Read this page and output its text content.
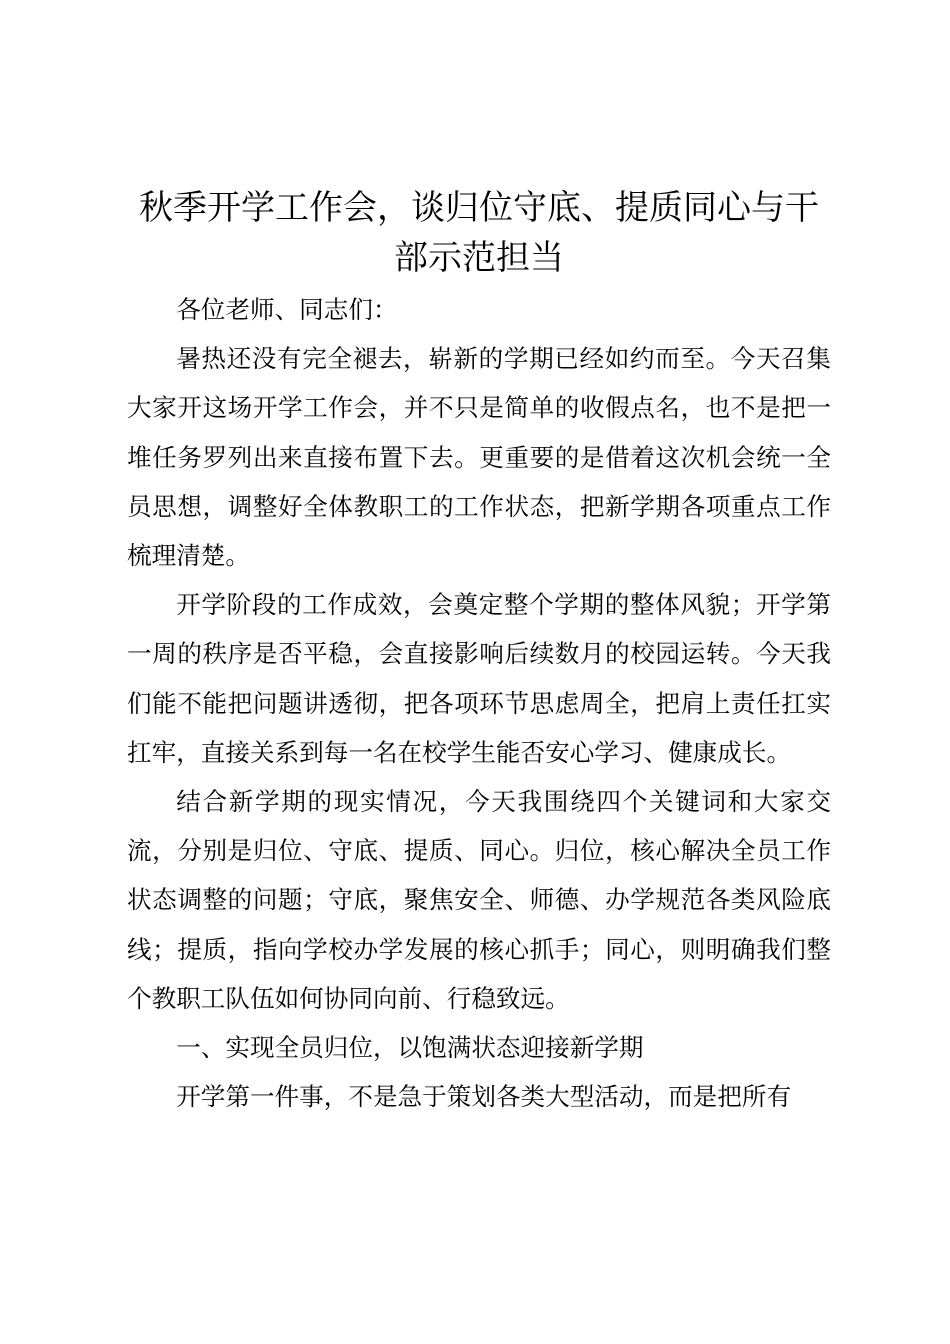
秋季开学工作会，谈归位守底、提质同心与干部示范担当

各位老师、同志们：

暑热还没有完全褪去，崭新的学期已经如约而至。今天召集大家开这场开学工作会，并不只是简单的收假点名，也不是把一堆任务罗列出来直接布置下去。更重要的是借着这次机会统一全员思想，调整好全体教职工的工作状态，把新学期各项重点工作梳理清楚。

开学阶段的工作成效，会奠定整个学期的整体风貌；开学第一周的秩序是否平稳，会直接影响后续数月的校园运转。今天我们能不能把问题讲透彻，把各项环节思虑周全，把肩上责任扛实扛牢，直接关系到每一名在校学生能否安心学习、健康成长。

结合新学期的现实情况，今天我围绕四个关键词和大家交流，分别是归位、守底、提质、同心。归位，核心解决全员工作状态调整的问题；守底，聚焦安全、师德、办学规范各类风险底线；提质，指向学校办学发展的核心抓手；同心，则明确我们整个教职工队伍如何协同向前、行稳致远。

一、实现全员归位，以饱满状态迎接新学期

开学第一件事，不是急于策划各类大型活动，而是把所有
